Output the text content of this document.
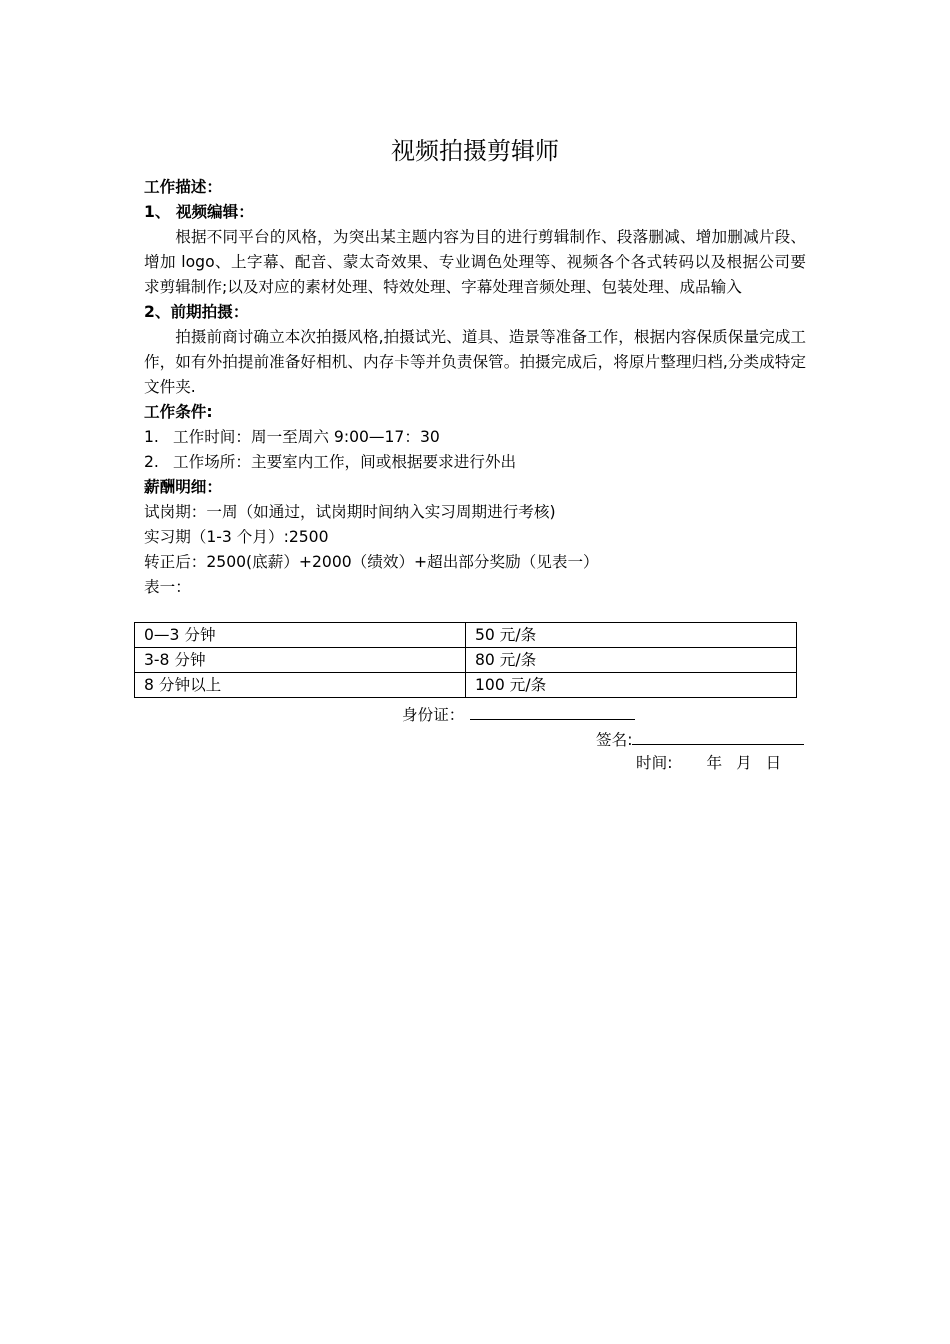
视频拍摄剪辑师
工作描述：
1、 视频编辑：

根据不同平台的风格，为突出某主题内容为目的进行剪辑制作、段落删减、增加删减片段、增加 logo、上字幕、配音、蒙太奇效果、专业调色处理等、视频各个各式转码以及根据公司要求剪辑制作;以及对应的素材处理、特效处理、字幕处理音频处理、包装处理、成品输入

2、前期拍摄：

拍摄前商讨确立本次拍摄风格,拍摄试光、道具、造景等准备工作，根据内容保质保量完成工作，如有外拍提前准备好相机、内存卡等并负责保管。拍摄完成后，将原片整理归档,分类成特定文件夹.

工作条件:
1. 工作时间：周一至周六 9:00—17：30
2. 工作场所：主要室内工作，间或根据要求进行外出
薪酬明细：
试岗期：一周（如通过，试岗期时间纳入实习周期进行考核)
实习期（1-3 个月）:2500
转正后：2500(底薪）+2000（绩效）+超出部分奖励（见表一）
表一：
0—3 分钟	50 元/条
3-8 分钟	80 元/条
8 分钟以上	100 元/条
身份证：
签名:
时间: 年 月 日
